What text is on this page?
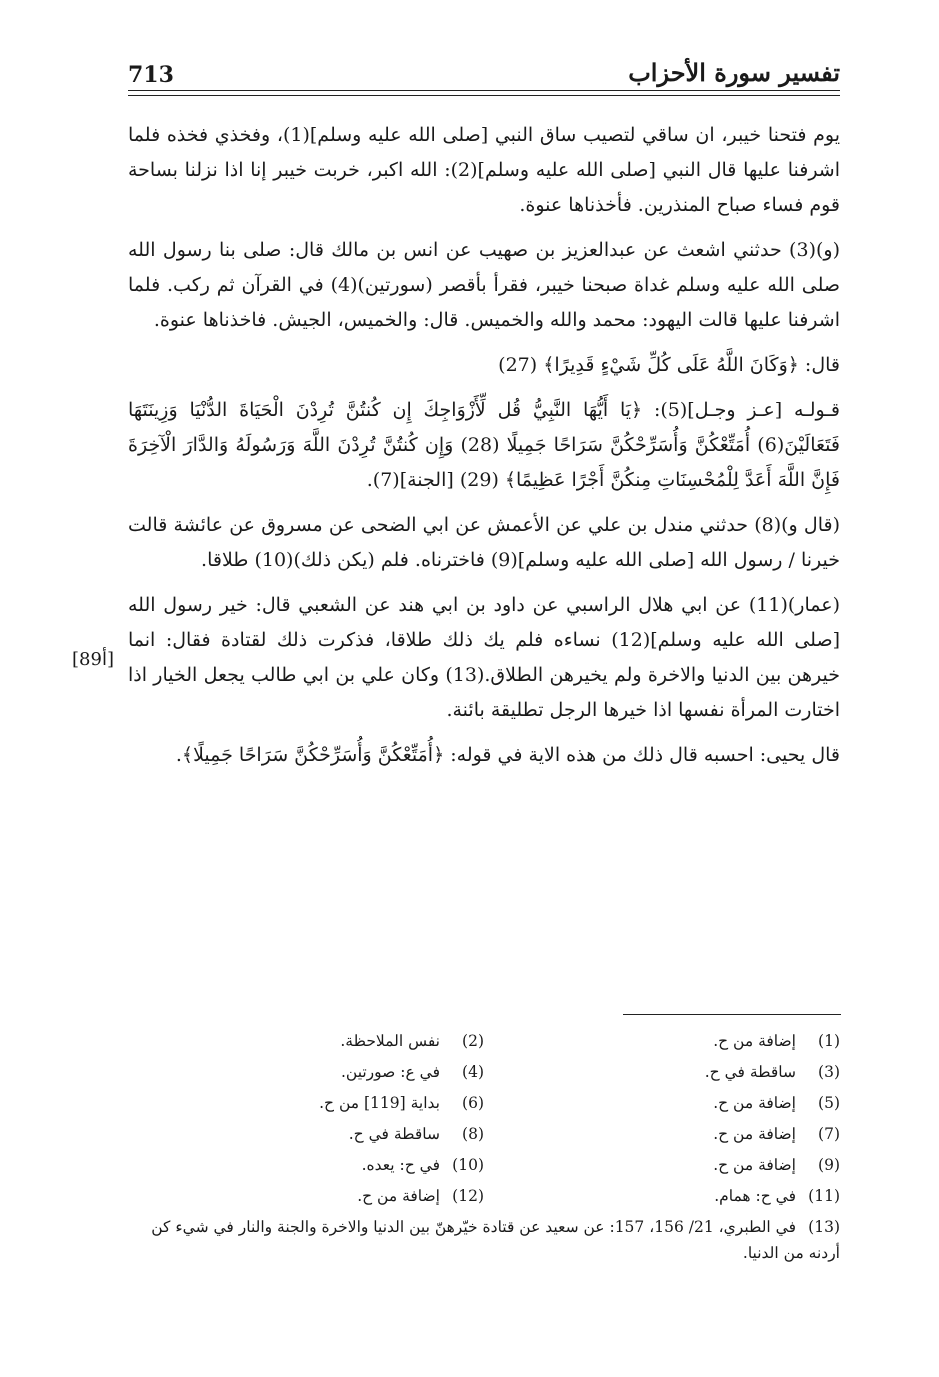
713	تفسير سورة الأحزاب

يوم فتحنا خيبر، ان ساقي لتصيب ساق النبي [صلى الله عليه وسلم](1)، وفخذي فخذه فلما اشرفنا عليها قال النبي [صلى الله عليه وسلم](2): الله اكبر، خربت خيبر إنا اذا نزلنا بساحة قوم فساء صباح المنذرين. فأخذناها عنوة.

(و)(3) حدثني اشعث عن عبدالعزيز بن صهيب عن انس بن مالك قال: صلى بنا رسول الله صلى الله عليه وسلم غداة صبحنا خيبر، فقرأ بأقصر (سورتين)(4) في القرآن ثم ركب. فلما اشرفنا عليها قالت اليهود: محمد والله والخميس. قال: والخميس، الجيش. فاخذناها عنوة.

قال: ﴿وَكَانَ اللَّهُ عَلَى كُلِّ شَيْءٍ قَدِيرًا﴾ (27)

قـولـه [عـز وجـل](5): ﴿يَا أَيُّهَا النَّبِيُّ قُل لِّأَزْوَاجِكَ إِن كُنتُنَّ تُرِدْنَ الْحَيَاةَ الدُّنْيَا وَزِينَتَهَا فَتَعَالَيْنَ(6) أُمَتِّعْكُنَّ وَأُسَرِّحْكُنَّ سَرَاحًا جَمِيلًا (28) وَإِن كُنتُنَّ تُرِدْنَ اللَّهَ وَرَسُولَهُ وَالدَّارَ الْآخِرَةَ فَإِنَّ اللَّهَ أَعَدَّ لِلْمُحْسِنَاتِ مِنكُنَّ أَجْرًا عَظِيمًا﴾ (29) [الجنة](7).

(قال و)(8) حدثني مندل بن علي عن الأعمش عن ابي الضحى عن مسروق عن عائشة قالت خيرنا / رسول الله [صلى الله عليه وسلم](9) فاخترناه. فلم (يكن ذلك)(10) طلاقا.

(عمار)(11) عن ابي هلال الراسبي عن داود بن ابي هند عن الشعبي قال: خير رسول الله [صلى الله عليه وسلم](12) نساءه فلم يك ذلك طلاقا، فذكرت ذلك لقتادة فقال: انما خيرهن بين الدنيا والاخرة ولم يخيرهن الطلاق.(13) وكان علي بن ابي طالب يجعل الخيار اذا اختارت المرأة نفسها اذا خيرها الرجل تطليقة بائنة.

قال يحيى: احسبه قال ذلك من هذه الاية في قوله: ﴿أُمَتِّعْكُنَّ وَأُسَرِّحْكُنَّ سَرَاحًا جَمِيلًا﴾.

[89أ]
(1)إضافة من ح.
(2)نفس الملاحظة.
(3)ساقطة في ح.
(4)في ع: صورتين.
(5)إضافة من ح.
(6)بداية [119] من ح.
(7)إضافة من ح.
(8)ساقطة في ح.
(9)إضافة من ح.
(10)في ح: يعده.
(11)في ح: همام.
(12)إضافة من ح.
(13)في الطبري، 21/ 156، 157: عن سعيد عن قتادة خيّرهنّ بين الدنيا والاخرة والجنة والنار في شيء كن أردنه من الدنيا.
